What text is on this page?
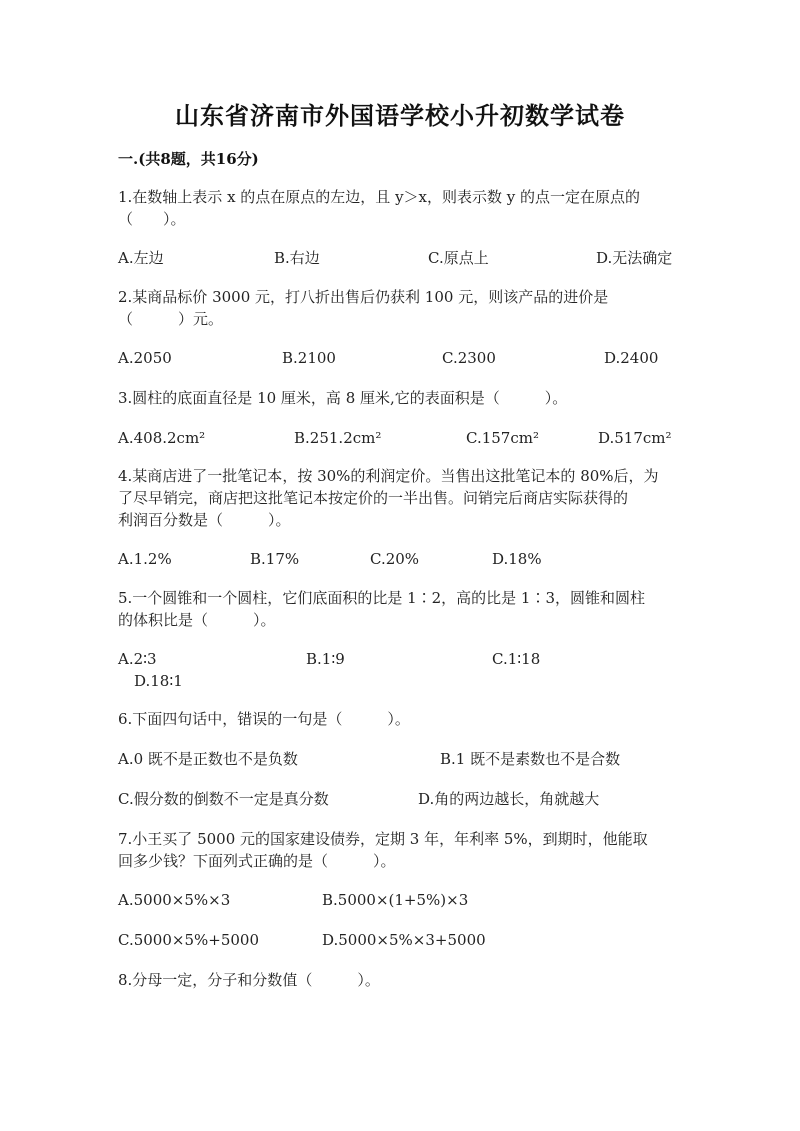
山东省济南市外国语学校小升初数学试卷
一.(共8题，共16分)
1.在数轴上表示 x 的点在原点的左边，且 y＞x，则表示数 y 的点一定在原点的
（　　）。
A.左边	B.右边	C.原点上	D.无法确定
2.某商品标价 3000 元，打八折出售后仍获利 100 元，则该产品的进价是
（　　　）元。
A.2050	B.2100	C.2300	D.2400
3.圆柱的底面直径是 10 厘米，高 8 厘米,它的表面积是（　　　）。
A.408.2cm²	B.251.2cm²	C.157cm²	D.517cm²
4.某商店进了一批笔记本，按 30%的利润定价。当售出这批笔记本的 80%后，为
了尽早销完，商店把这批笔记本按定价的一半出售。问销完后商店实际获得的
利润百分数是（　　　）。
A.1.2%	B.17%	C.20%	D.18%
5.一个圆锥和一个圆柱，它们底面积的比是 1∶2，高的比是 1∶3，圆锥和圆柱
的体积比是（　　　）。
A.2∶3	B.1∶9	C.1∶18
D.18∶1
6.下面四句话中，错误的一句是（　　　）。
A.0 既不是正数也不是负数	B.1 既不是素数也不是合数
C.假分数的倒数不一定是真分数	D.角的两边越长，角就越大
7.小王买了 5000 元的国家建设债券，定期 3 年，年利率 5%，到期时，他能取
回多少钱？下面列式正确的是（　　　）。
A.5000×5%×3	B.5000×(1+5%)×3
C.5000×5%+5000	D.5000×5%×3+5000
8.分母一定，分子和分数值（　　　）。
